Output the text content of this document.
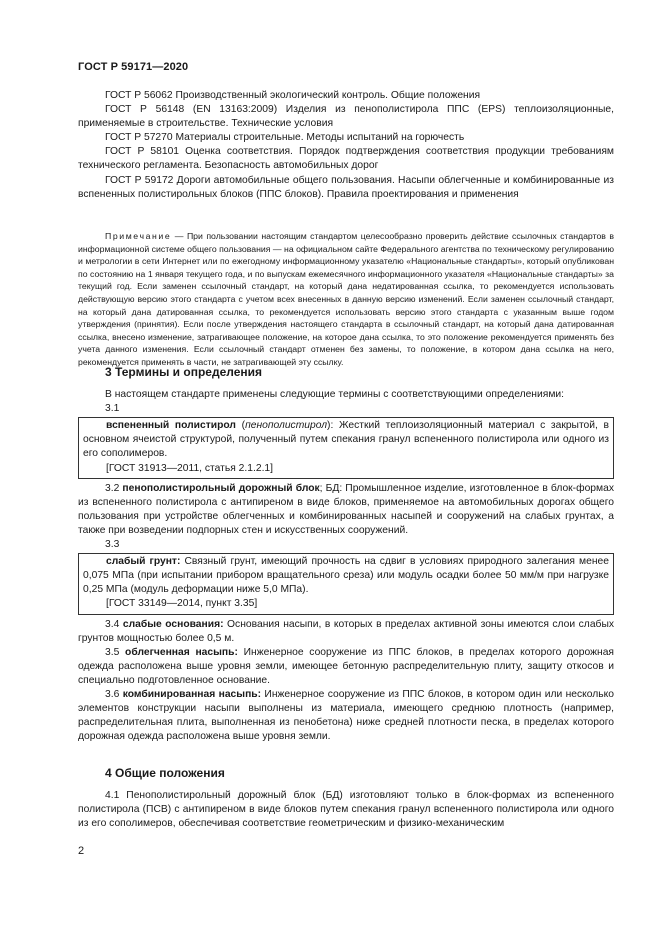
ГОСТ Р 59171—2020

ГОСТ Р 56062 Производственный экологический контроль. Общие положения

ГОСТ Р 56148 (EN 13163:2009) Изделия из пенополистирола ППС (EPS) теплоизоляционные, применяемые в строительстве. Технические условия

ГОСТ Р 57270 Материалы строительные. Методы испытаний на горючесть

ГОСТ Р 58101 Оценка соответствия. Порядок подтверждения соответствия продукции требованиям технического регламента. Безопасность автомобильных дорог

ГОСТ Р 59172 Дороги автомобильные общего пользования. Насыпи облегченные и комбинированные из вспененных полистирольных блоков (ППС блоков). Правила проектирования и применения

Примечание — При пользовании настоящим стандартом целесообразно проверить действие ссылочных стандартов в информационной системе общего пользования — на официальном сайте Федерального агентства по техническому регулированию и метрологии в сети Интернет или по ежегодному информационному указателю «Национальные стандарты», который опубликован по состоянию на 1 января текущего года, и по выпускам ежемесячного информационного указателя «Национальные стандарты» за текущий год. Если заменен ссылочный стандарт, на который дана недатированная ссылка, то рекомендуется использовать действующую версию этого стандарта с учетом всех внесенных в данную версию изменений. Если заменен ссылочный стандарт, на который дана датированная ссылка, то рекомендуется использовать версию этого стандарта с указанным выше годом утверждения (принятия). Если после утверждения настоящего стандарта в ссылочный стандарт, на который дана датированная ссылка, внесено изменение, затрагивающее положение, на которое дана ссылка, то это положение рекомендуется применять без учета данного изменения. Если ссылочный стандарт отменен без замены, то положение, в котором дана ссылка на него, рекомендуется применять в части, не затрагивающей эту ссылку.

3 Термины и определения

В настоящем стандарте применены следующие термины с соответствующими определениями:

3.1

вспененный полистирол (пенополистирол): Жесткий теплоизоляционный материал с закрытой, в основном ячеистой структурой, полученный путем спекания гранул вспененного полистирола или одного из его сополимеров.

[ГОСТ 31913—2011, статья 2.1.2.1]

3.2 пенополистирольный дорожный блок; БД: Промышленное изделие, изготовленное в блок-формах из вспененного полистирола с антипиреном в виде блоков, применяемое на автомобильных дорогах общего пользования при устройстве облегченных и комбинированных насыпей и сооружений на слабых грунтах, а также при возведении подпорных стен и искусственных сооружений.

3.3

слабый грунт: Связный грунт, имеющий прочность на сдвиг в условиях природного залегания менее 0,075 МПа (при испытании прибором вращательного среза) или модуль осадки более 50 мм/м при нагрузке 0,25 МПа (модуль деформации ниже 5,0 МПа).

[ГОСТ 33149—2014, пункт 3.35]

3.4 слабые основания: Основания насыпи, в которых в пределах активной зоны имеются слои слабых грунтов мощностью более 0,5 м.

3.5 облегченная насыпь: Инженерное сооружение из ППС блоков, в пределах которого дорожная одежда расположена выше уровня земли, имеющее бетонную распределительную плиту, защиту откосов и специально подготовленное основание.

3.6 комбинированная насыпь: Инженерное сооружение из ППС блоков, в котором один или несколько элементов конструкции насыпи выполнены из материала, имеющего среднюю плотность (например, распределительная плита, выполненная из пенобетона) ниже средней плотности песка, в пределах которого дорожная одежда расположена выше уровня земли.

4 Общие положения

4.1 Пенополистирольный дорожный блок (БД) изготовляют только в блок-формах из вспененного полистирола (ПСВ) с антипиреном в виде блоков путем спекания гранул вспененного полистирола или одного из его сополимеров, обеспечивая соответствие геометрическим и физико-механическим

2
